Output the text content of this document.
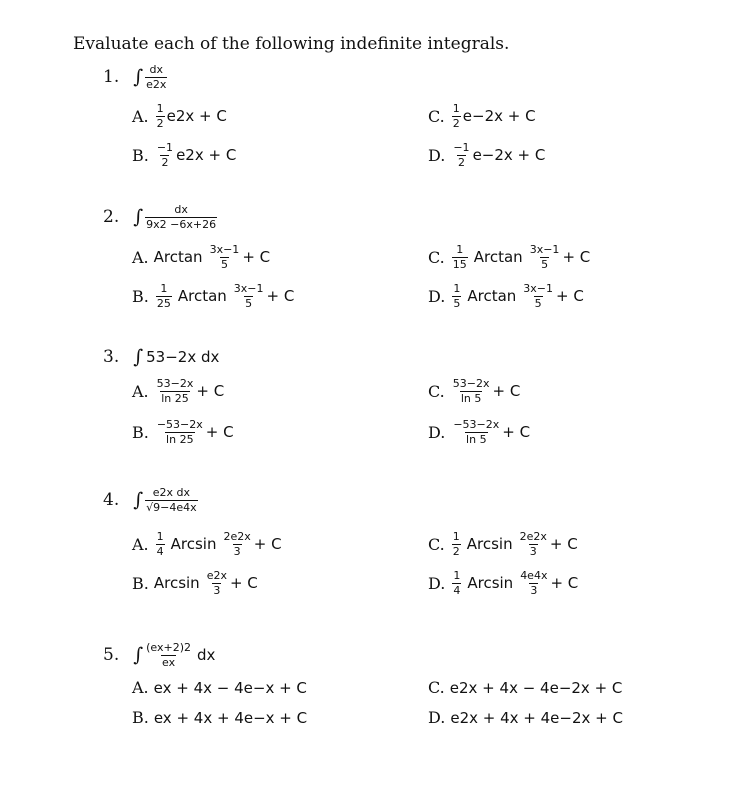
Evaluate each of the following indefinite integrals.
1. ∫ $\frac{dx}{e2x}$
A. $\frac{1}{2} e2x + C$
B. $\frac{-1}{2} e2x + C$
C. $\frac{1}{2} e-2x + C$
D. $\frac{-1}{2} e-2x + C$
2. ∫ $\frac{dx}{9x2 -6x+26}$
A. Arctan $\frac{3x-1}{5} + C$
B. $\frac{1}{25}$ Arctan $\frac{3x-1}{5} + C$
C. $\frac{1}{15}$ Arctan $\frac{3x-1}{5} + C$
D. $\frac{1}{5}$ Arctan $\frac{3x-1}{5} + C$
3. ∫ 53−2x dx
A. $\frac{53-2x}{\ln 25} + C$
B. $\frac{-53-2x}{\ln 25} + C$
C. $\frac{53-2x}{\ln 5} + C$
D. $\frac{-53-2x}{\ln 5} + C$
4. ∫ $\frac{\text{e2x dx}}{√9-4e4x}$
A. $\frac{1}{4}$ Arcsin $\frac{2e2x}{3} + C$
B. Arcsin $\frac{e2x}{3} + C$
C. $\frac{1}{2}$ Arcsin $\frac{2e2x}{3} + C$
D. $\frac{1}{4}$ Arcsin $\frac{4e4x}{3} + C$
5. ∫ $\frac{(ex+2)2}{ex}$ dx
A. ex + 4x − 4e−x + C
B. ex + 4x + 4e−x + C
C. e2x + 4x − 4e−2x + C
D. e2x + 4x + 4e−2x + C
